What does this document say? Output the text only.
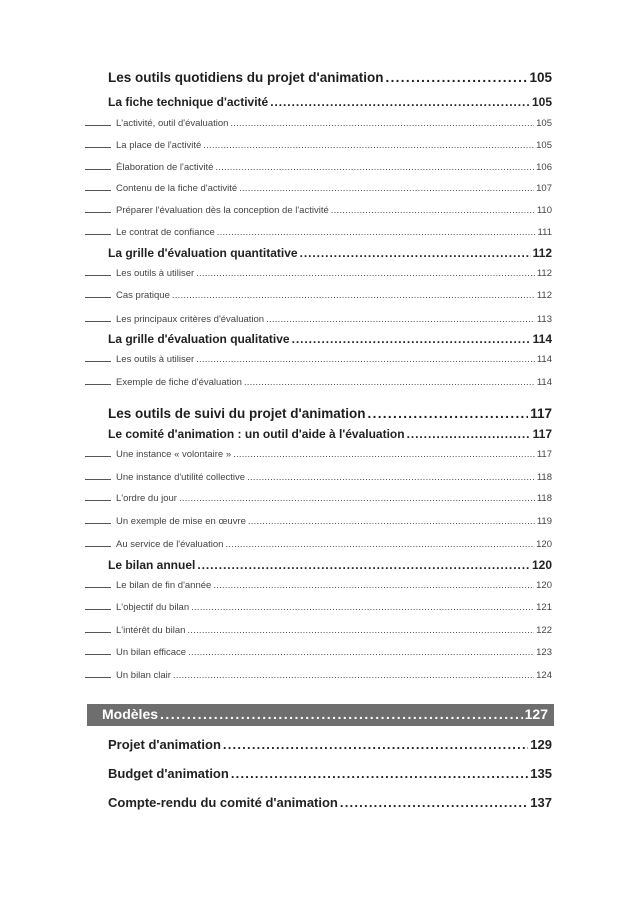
Les outils quotidiens du projet d'animation . . .	105
La fiche technique d'activité . . .	105
L'activité, outil d'évaluation . . .	105
La place de l'activité . . .	105
Élaboration de l'activité . . .	106
Contenu de la fiche d'activité . . .	107
Préparer l'évaluation dès la conception de l'activité . . .	110
Le contrat de confiance . . .	111
La grille d'évaluation quantitative . . .	112
Les outils à utiliser . . .	112
Cas pratique . . .	112
Les principaux critères d'évaluation . . .	113
La grille d'évaluation qualitative . . .	114
Les outils à utiliser . . .	114
Exemple de fiche d'évaluation . . .	114
Les outils de suivi du projet d'animation . . .	117
Le comité d'animation : un outil d'aide à l'évaluation . . .	117
Une instance « volontaire » . . .	117
Une instance d'utilité collective . . .	118
L'ordre du jour . . .	118
Un exemple de mise en œuvre . . .	119
Au service de l'évaluation . . .	120
Le bilan annuel . . .	120
Le bilan de fin d'année . . .	120
L'objectif du bilan . . .	121
L'intérêt du bilan . . .	122
Un bilan efficace . . .	123
Un bilan clair . . .	124
Modèles . . .	127
Projet d'animation . . .	129
Budget d'animation . . .	135
Compte-rendu du comité d'animation . . .	137
